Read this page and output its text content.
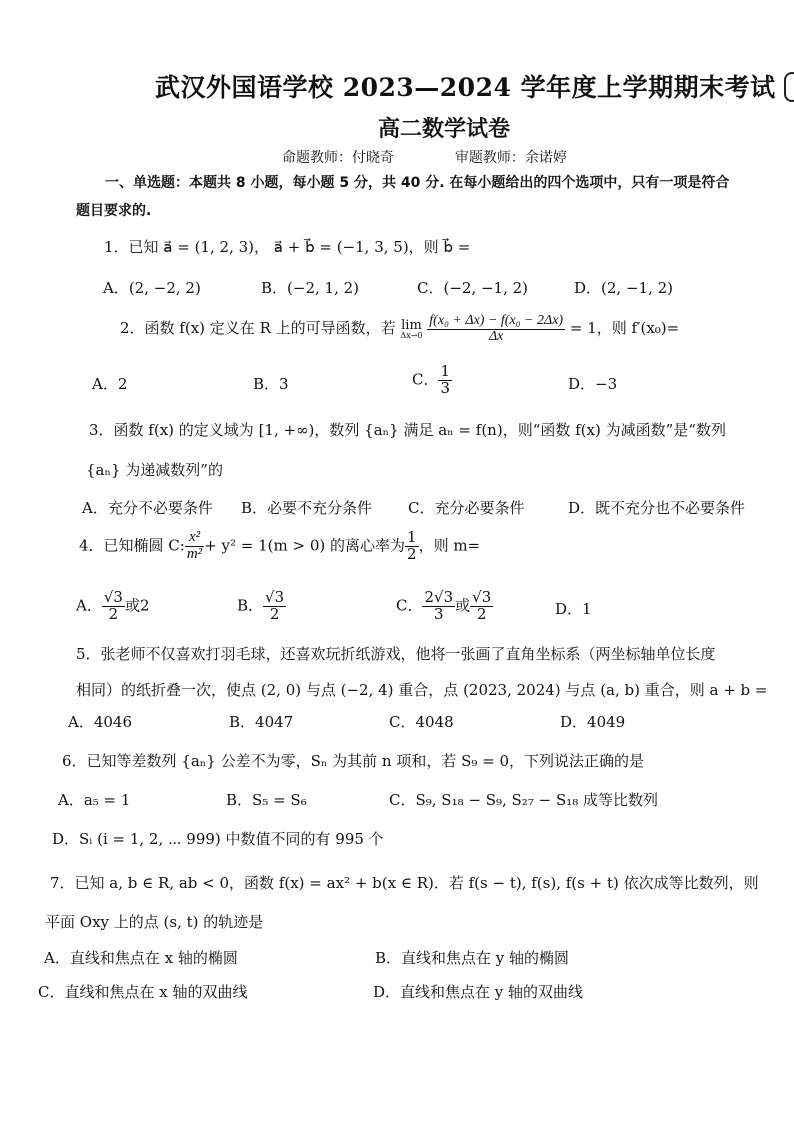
武汉外国语学校 2023—2024 学年度上学期期末考试
高二数学试卷
命题教师：付晓奇	审题教师：余诺婷
一、单选题：本题共 8 小题，每小题 5 分，共 40 分. 在每小题给出的四个选项中，只有一项是符合
题目要求的.
1．已知 a⃗ = (1, 2, 3)， a⃗ + b⃗ = (−1, 3, 5)，则 b⃗ =
A．(2, −2, 2)	B．(−2, 1, 2)	C．(−2, −1, 2)	D．(2, −1, 2)
2．函数 f(x) 定义在 R 上的可导函数，若 lim
Δx→0
$\frac{\text{f(x₀ + Δx) − f(x₀ − 2Δx)}}{\Delta x} = 1$，则 f′(x₀)=
A．2	B．3	C． $\frac{1}{3}$	D．−3
3．函数 f(x) 的定义域为 [1, +∞)，数列 {aₙ} 满足 aₙ = f(n)，则“函数 f(x) 为减函数”是“数列
{aₙ} 为递减数列”的
A．充分不必要条件 B．必要不充分条件 C．充分必要条件	D．既不充分也不必要条件
4．已知椭圆 C: $\frac{\text{x²}}{\text{m²}} + y^2 = 1(m > 0)$ 的离心率为 $\frac{1}{2}$ ，则 m=
A． $\frac{√3}{2}$ 或2	B． $\frac{√3}{2}$	C． $\frac{2√3}{3}$ 或 $\frac{√3}{2}$	D．1
5．张老师不仅喜欢打羽毛球，还喜欢玩折纸游戏，他将一张画了直角坐标系（两坐标轴单位长度
相同）的纸折叠一次，使点 (2, 0) 与点 (−2, 4) 重合，点 (2023, 2024) 与点 (a, b) 重合，则 a + b =
A．4046	B．4047	C．4048	D．4049
6．已知等差数列 {aₙ} 公差不为零，Sₙ 为其前 n 项和，若 S₉ = 0，下列说法正确的是
A．a₅ = 1	B．S₅ = S₆	C．S₉, S₁₈ − S₉, S₂₇ − S₁₈ 成等比数列
D．Sᵢ (i = 1, 2, ⋯ 999) 中数值不同的有 995 个
7．已知 a, b ∈ R, ab < 0，函数 f(x) = ax² + b(x ∈ R)．若 f(s − t), f(s), f(s + t) 依次成等比数列，则
平面 Oxy 上的点 (s, t) 的轨迹是
A．直线和焦点在 x 轴的椭圆	B．直线和焦点在 y 轴的椭圆
C．直线和焦点在 x 轴的双曲线	D．直线和焦点在 y 轴的双曲线
